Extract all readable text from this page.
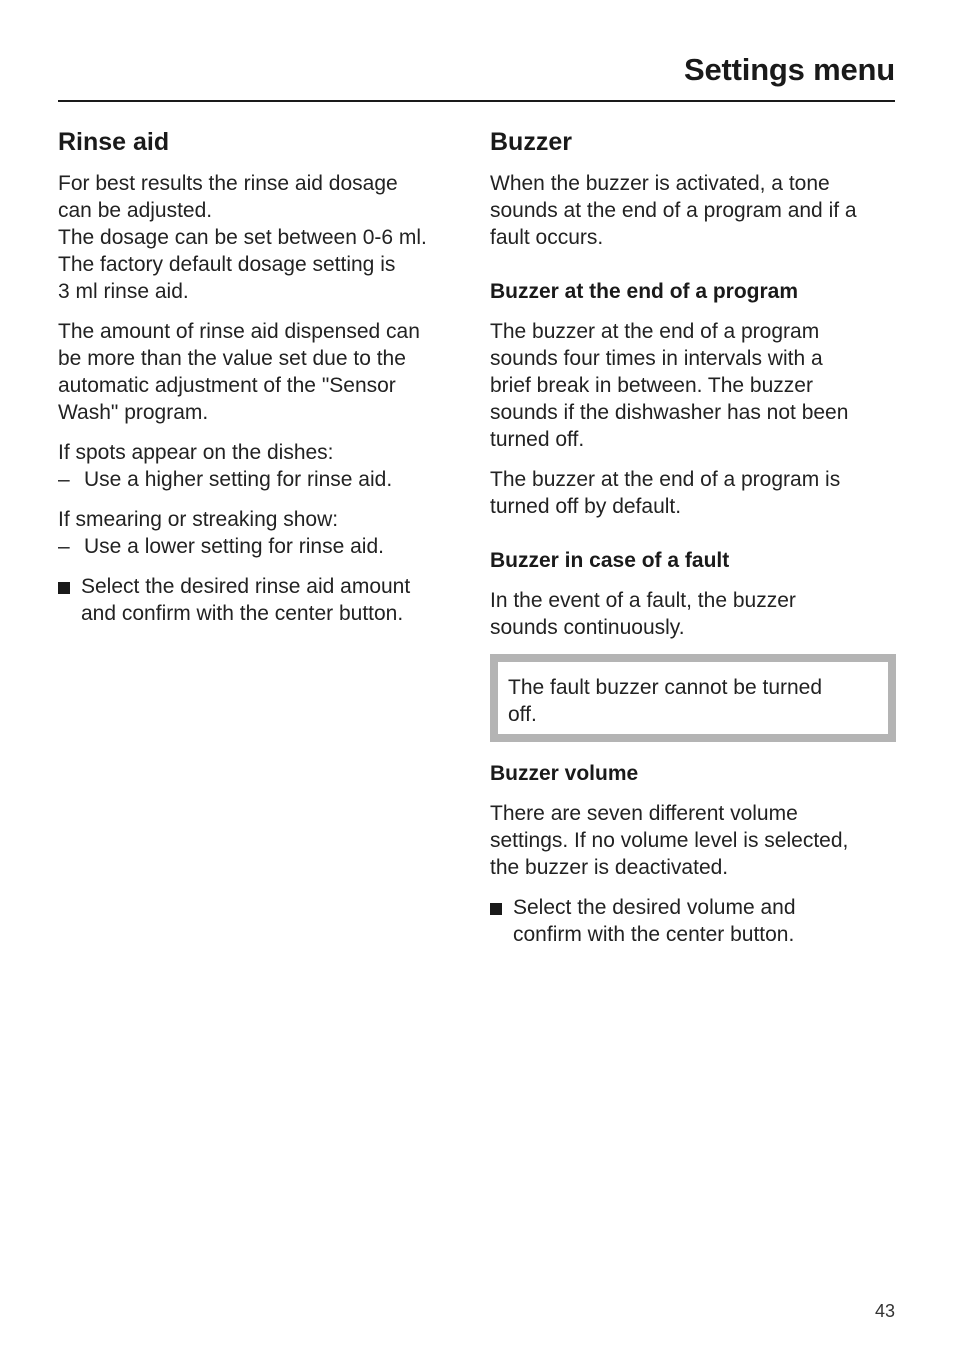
Settings menu
Rinse aid

For best results the rinse aid dosage
can be adjusted.
The dosage can be set between 0-6 ml.
The factory default dosage setting is
3 ml rinse aid.

The amount of rinse aid dispensed can
be more than the value set due to the
automatic adjustment of the "Sensor
Wash" program.

If spots appear on the dishes:
– Use a higher setting for rinse aid.

If smearing or streaking show:
– Use a lower setting for rinse aid.

Select the desired rinse aid amount
and confirm with the center button.
Buzzer

When the buzzer is activated, a tone
sounds at the end of a program and if a
fault occurs.

Buzzer at the end of a program

The buzzer at the end of a program
sounds four times in intervals with a
brief break in between. The buzzer
sounds if the dishwasher has not been
turned off.

The buzzer at the end of a program is
turned off by default.

Buzzer in case of a fault

In the event of a fault, the buzzer
sounds continuously.

The fault buzzer cannot be turned
off.
Buzzer volume

There are seven different volume
settings. If no volume level is selected,
the buzzer is deactivated.

Select the desired volume and
confirm with the center button.
43
